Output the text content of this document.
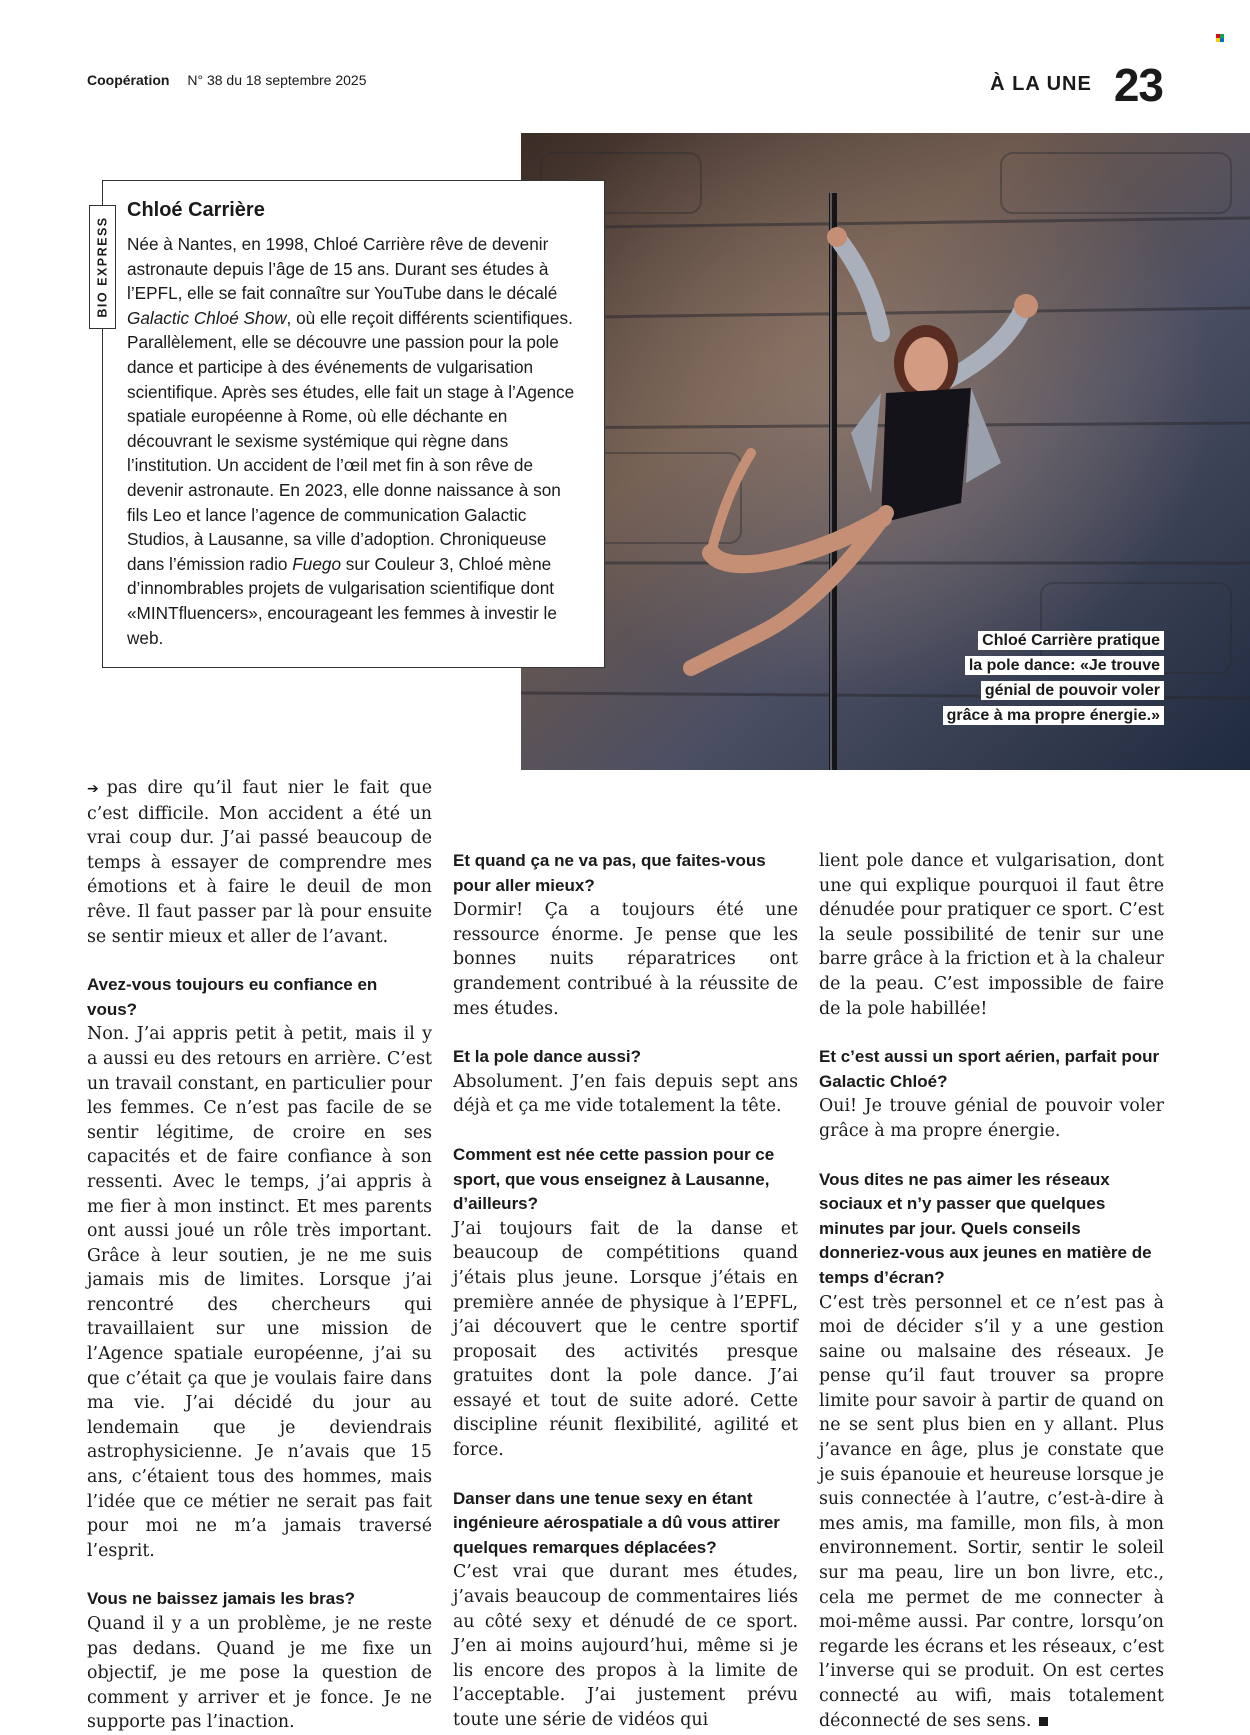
Coopération N° 38 du 18 septembre 2025	À LA UNE 23
Chloé Carrière pratique
la pole dance: «Je trouve
génial de pouvoir voler
grâce à ma propre énergie.»
BIO EXPRESS
Chloé Carrière

Née à Nantes, en 1998, Chloé Carrière rêve de devenir astronaute depuis l’âge de 15 ans. Durant ses études à l’EPFL, elle se fait connaître sur YouTube dans le décalé Galactic Chloé Show, où elle reçoit différents scientifiques. Parallèlement, elle se découvre une passion pour la pole dance et participe à des événements de vulgarisation scientifique. Après ses études, elle fait un stage à l’Agence spatiale européenne à Rome, où elle déchante en découvrant le sexisme systémique qui règne dans l’institution. Un accident de l’œil met fin à son rêve de devenir astronaute. En 2023, elle donne naissance à son fils Leo et lance l’agence de communication Galactic Studios, à Lausanne, sa ville d’adoption. Chroniqueuse dans l’émission radio Fuego sur Couleur 3, Chloé mène d’innombrables projets de vulgarisation scientifique dont «MINTfluencers», encourageant les femmes à investir le web.

➔ pas dire qu’il faut nier le fait que c’est difficile. Mon accident a été un vrai coup dur. J’ai passé beaucoup de temps à essayer de comprendre mes émotions et à faire le deuil de mon rêve. Il faut passer par là pour ensuite se sentir mieux et aller de l’avant.

Avez-vous toujours eu confiance en vous?

Non. J’ai appris petit à petit, mais il y a aussi eu des retours en arrière. C’est un travail constant, en particulier pour les femmes. Ce n’est pas facile de se sentir légitime, de croire en ses capacités et de faire confiance à son ressenti. Avec le temps, j’ai appris à me fier à mon instinct. Et mes parents ont aussi joué un rôle très important. Grâce à leur soutien, je ne me suis jamais mis de limites. Lorsque j’ai rencontré des chercheurs qui travaillaient sur une mission de l’Agence spatiale européenne, j’ai su que c’était ça que je voulais faire dans ma vie. J’ai décidé du jour au lendemain que je deviendrais astrophysicienne. Je n’avais que 15 ans, c’étaient tous des hommes, mais l’idée que ce métier ne serait pas fait pour moi ne m’a jamais traversé l’esprit.

Vous ne baissez jamais les bras?

Quand il y a un problème, je ne reste pas dedans. Quand je me fixe un objectif, je me pose la question de comment y arriver et je fonce. Je ne supporte pas l’inaction.

Et quand ça ne va pas, que faites-vous pour aller mieux?

Dormir! Ça a toujours été une ressource énorme. Je pense que les bonnes nuits réparatrices ont grandement contribué à la réussite de mes études.

Et la pole dance aussi?

Absolument. J’en fais depuis sept ans déjà et ça me vide totalement la tête.

Comment est née cette passion pour ce sport, que vous enseignez à Lausanne, d’ailleurs?

J’ai toujours fait de la danse et beaucoup de compétitions quand j’étais plus jeune. Lorsque j’étais en première année de physique à l’EPFL, j’ai découvert que le centre sportif proposait des activités presque gratuites dont la pole dance. J’ai essayé et tout de suite adoré. Cette discipline réunit flexibilité, agilité et force.

Danser dans une tenue sexy en étant ingénieure aérospatiale a dû vous attirer quelques remarques déplacées?

C’est vrai que durant mes études, j’avais beaucoup de commentaires liés au côté sexy et dénudé de ce sport. J’en ai moins aujourd’hui, même si je lis encore des propos à la limite de l’acceptable. J’ai justement prévu toute une série de vidéos qui

lient pole dance et vulgarisation, dont une qui explique pourquoi il faut être dénudée pour pratiquer ce sport. C’est la seule possibilité de tenir sur une barre grâce à la friction et à la chaleur de la peau. C’est impossible de faire de la pole habillée!

Et c’est aussi un sport aérien, parfait pour Galactic Chloé?

Oui! Je trouve génial de pouvoir voler grâce à ma propre énergie.

Vous dites ne pas aimer les réseaux sociaux et n’y passer que quelques minutes par jour. Quels conseils donneriez-vous aux jeunes en matière de temps d’écran?

C’est très personnel et ce n’est pas à moi de décider s’il y a une gestion saine ou malsaine des réseaux. Je pense qu’il faut trouver sa propre limite pour savoir à partir de quand on ne se sent plus bien en y allant. Plus j’avance en âge, plus je constate que je suis épanouie et heureuse lorsque je suis connectée à l’autre, c’est-à-dire à mes amis, ma famille, mon fils, à mon environnement. Sortir, sentir le soleil sur ma peau, lire un bon livre, etc., cela me permet de me connecter à moi-même aussi. Par contre, lorsqu’on regarde les écrans et les réseaux, c’est l’inverse qui se produit. On est certes connecté au wifi, mais totalement déconnecté de ses sens.
